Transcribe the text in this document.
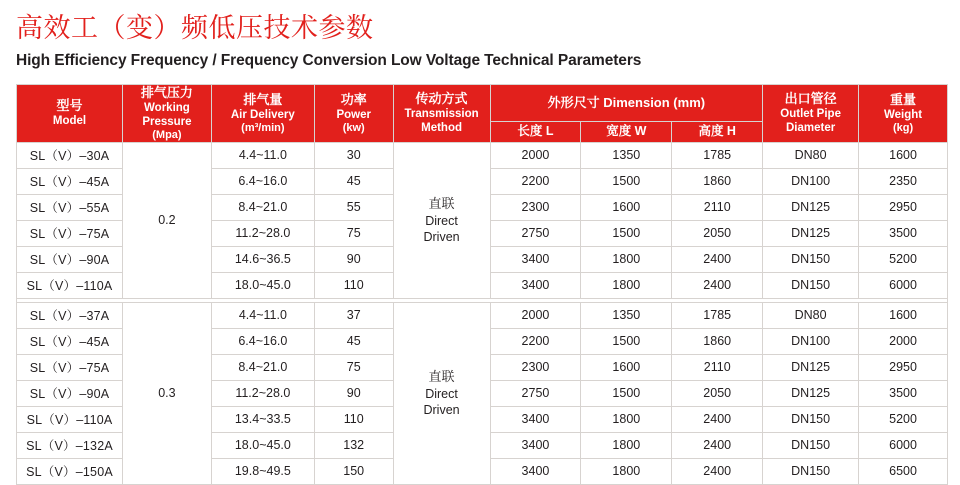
高效工（变）频低压技术参数
High Efficiency Frequency / Frequency Conversion Low Voltage Technical Parameters
型号
Model	排气压力
Working Pressure
(Mpa)	排气量
Air Delivery
(m³/min)	功率
Power
(kw)	传动方式
Transmission Method	外形尺寸 Dimension (mm)			出口管径
Outlet Pipe Diameter	重量
Weight
(kg)

					长度 L	宽度 W	高度 H		
SL（V）–30A	0.2	4.4~11.0	30	直联
Direct
Driven	2000	1350	1785	DN80	1600
SL（V）–45A		6.4~16.0	45		2200	1500	1860	DN100	2350
SL（V）–55A		8.4~21.0	55		2300	1600	2110	DN125	2950
SL（V）–75A		11.2~28.0	75		2750	1500	2050	DN125	3500
SL（V）–90A		14.6~36.5	90		3400	1800	2400	DN150	5200
SL（V）–110A		18.0~45.0	110		3400	1800	2400	DN150	6000

SL（V）–37A	0.3	4.4~11.0	37	直联
Direct
Driven	2000	1350	1785	DN80	1600
SL（V）–45A		6.4~16.0	45		2200	1500	1860	DN100	2000
SL（V）–75A		8.4~21.0	75		2300	1600	2110	DN125	2950
SL（V）–90A		11.2~28.0	90		2750	1500	2050	DN125	3500
SL（V）–110A		13.4~33.5	110		3400	1800	2400	DN150	5200
SL（V）–132A		18.0~45.0	132		3400	1800	2400	DN150	6000
SL（V）–150A		19.8~49.5	150		3400	1800	2400	DN150	6500
